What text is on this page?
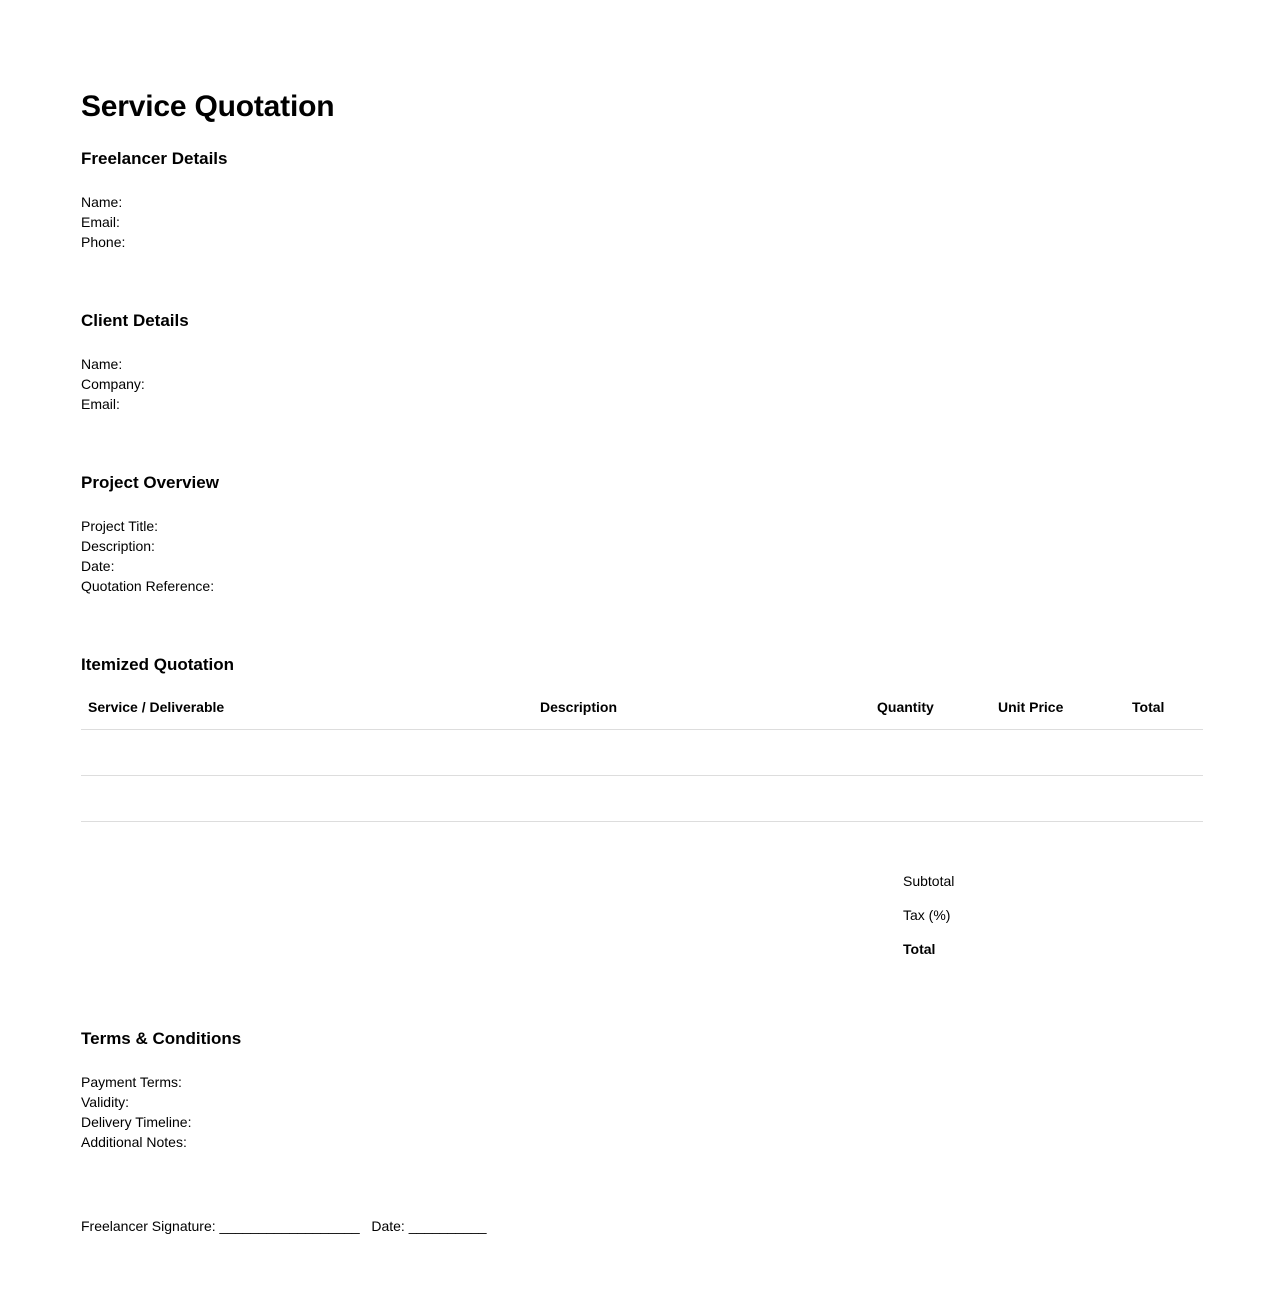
Service Quotation
Freelancer Details
Name:
Email:
Phone:
Client Details
Name:
Company:
Email:
Project Overview
Project Title:
Description:
Date:
Quotation Reference:
Itemized Quotation
Service / Deliverable	Description	Quantity	Unit Price	Total

Subtotal
Tax (%)
Total
Terms & Conditions
Payment Terms:
Validity:
Delivery Timeline:
Additional Notes:
Freelancer Signature: __________________ Date: __________
